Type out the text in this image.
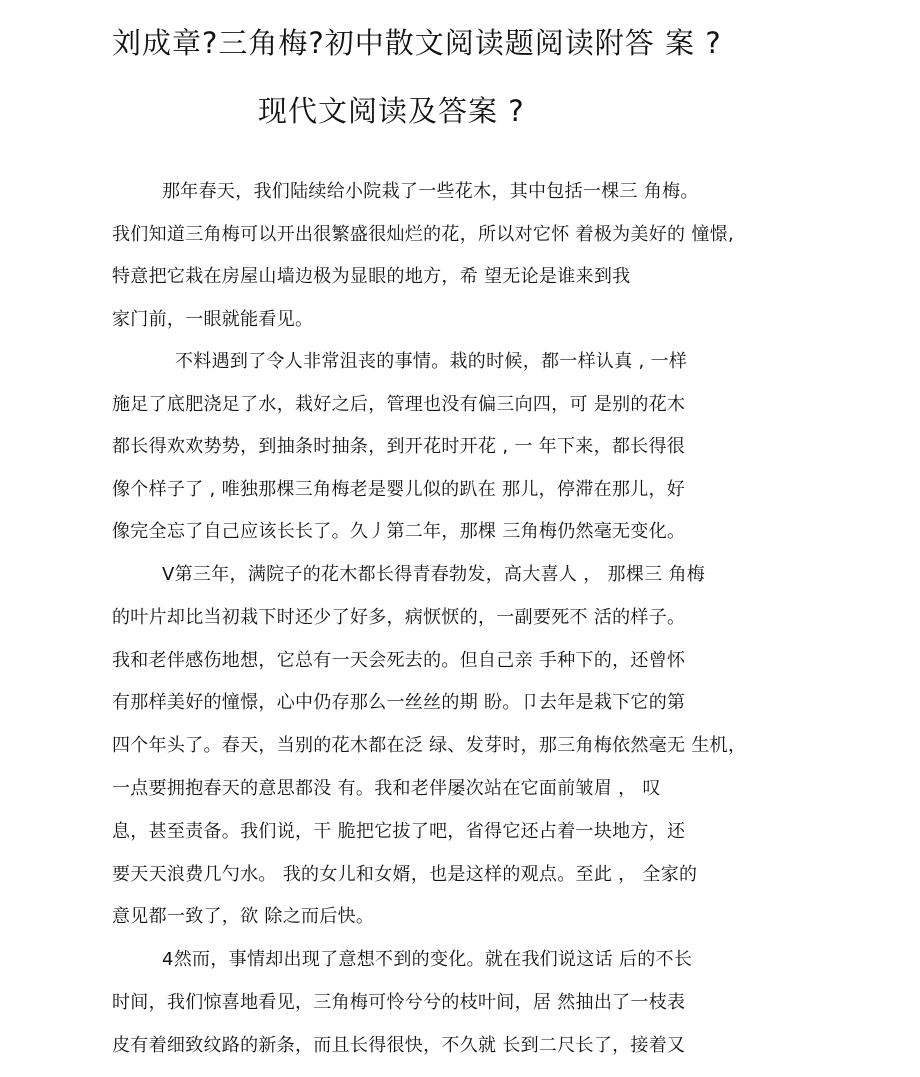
刘成章?三角梅?初中散文阅读题阅读附答 案 ?
现代文阅读及答案 ?
那年春天，我们陆续给小院栽了一些花木，其中包括一棵三 角梅。
我们知道三角梅可以开出很繁盛很灿烂的花，所以对它怀 着极为美好的 憧憬,
特意把它栽在房屋山墙边极为显眼的地方，希 望无论是谁来到我
家门前，一眼就能看见。
不料遇到了令人非常沮丧的事情。栽的时候，都一样认真 , 一样
施足了底肥浇足了水，栽好之后，管理也没有偏三向四，可 是别的花木
都长得欢欢势势，到抽条时抽条，到开花时开花 , 一 年下来，都长得很
像个样子了 , 唯独那棵三角梅老是婴儿似的趴在 那儿，停滞在那儿，好
像完全忘了自己应该长长了。久丿第二年，那棵 三角梅仍然毫无变化。
V第三年，满院子的花木都长得青春勃发，高大喜人 ， 那棵三 角梅
的叶片却比当初栽下时还少了好多，病恹恹的，一副要死不 活的样子。
我和老伴感伤地想，它总有一天会死去的。但自己亲 手种下的，还曾怀
有那样美好的憧憬，心中仍存那么一丝丝的期 盼。卩去年是栽下它的第
四个年头了。春天，当别的花木都在泛 绿、发芽时，那三角梅依然毫无 生机，
一点要拥抱春天的意思都没 有。我和老伴屡次站在它面前皱眉 ， 叹
息，甚至责备。我们说，干 脆把它拔了吧，省得它还占着一块地方，还
要天天浪费几勺水。 我的女儿和女婿，也是这样的观点。至此 ， 全家的
意见都一致了，欲 除之而后快。
4然而，事情却出现了意想不到的变化。就在我们说这话 后的不长
时间，我们惊喜地看见，三角梅可怜兮兮的枝叶间，居 然抽出了一枝表
皮有着细致纹路的新条，而且长得很快，不久就 长到二尺长了，接着又
